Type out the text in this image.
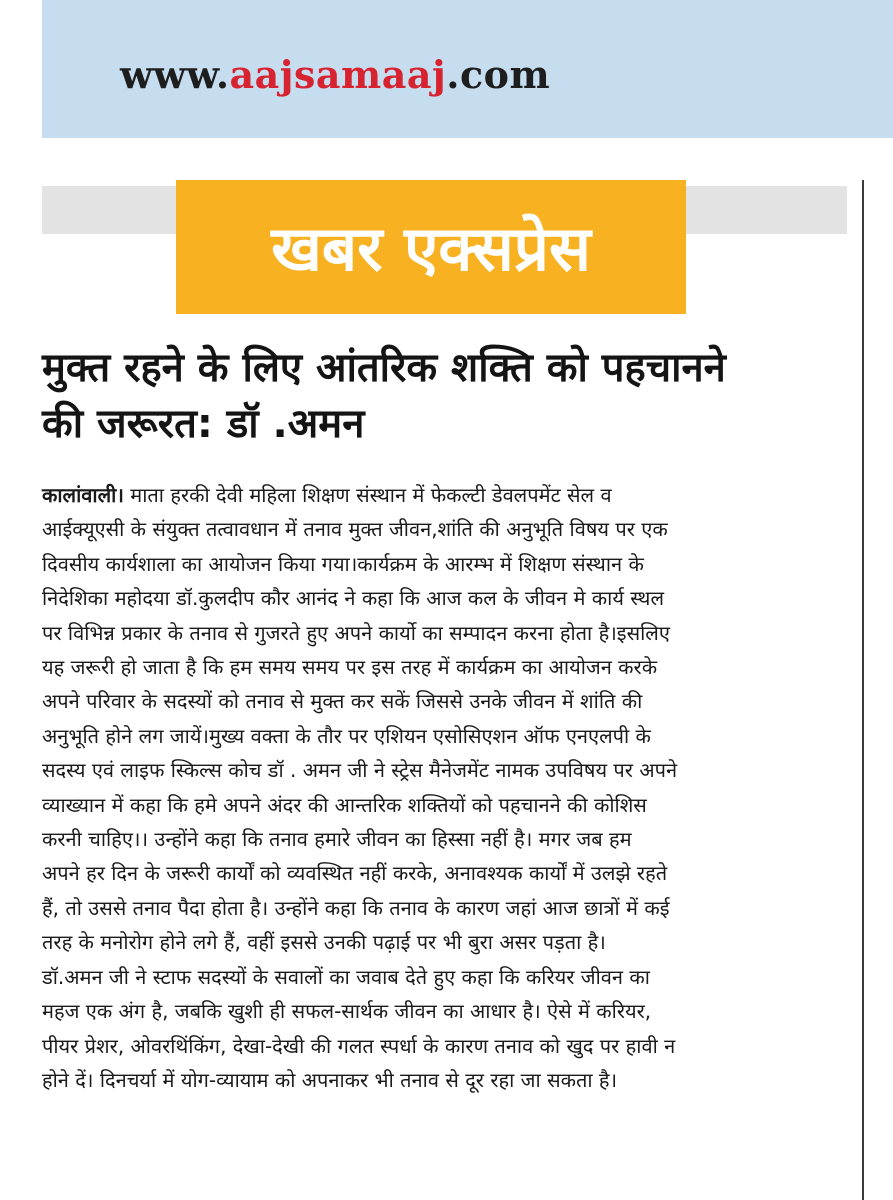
www.aajsamaaj.com
खबर एक्सप्रेस
मुक्त रहने के लिए आंतरिक शक्ति को पहचानने
की जरूरत: डॉ .अमन
कालांवाली। माता हरकी देवी महिला शिक्षण संस्थान में फेकल्टी डेवलपमेंट सेल व
आईक्यूएसी के संयुक्त तत्वावधान में तनाव मुक्त जीवन,शांति की अनुभूति विषय पर एक
दिवसीय कार्यशाला का आयोजन किया गया।कार्यक्रम के आरम्भ में शिक्षण संस्थान के
निदेशिका महोदया डॉ.कुलदीप कौर आनंद ने कहा कि आज कल के जीवन मे कार्य स्थल
पर विभिन्न प्रकार के तनाव से गुजरते हुए अपने कार्यो का सम्पादन करना होता है।इसलिए
यह जरूरी हो जाता है कि हम समय समय पर इस तरह में कार्यक्रम का आयोजन करके
अपने परिवार के सदस्यों को तनाव से मुक्त कर सकें जिससे उनके जीवन में शांति की
अनुभूति होने लग जायें।मुख्य वक्ता के तौर पर एशियन एसोसिएशन ऑफ एनएलपी के
सदस्य एवं लाइफ स्किल्स कोच डॉ . अमन जी ने स्ट्रेस मैनेजमेंट नामक उपविषय पर अपने
व्याख्यान में कहा कि हमे अपने अंदर की आन्तरिक शक्तियों को पहचानने की कोशिस
करनी चाहिए।। उन्होंने कहा कि तनाव हमारे जीवन का हिस्सा नहीं है। मगर जब हम
अपने हर दिन के जरूरी कार्यों को व्यवस्थित नहीं करके, अनावश्यक कार्यों में उलझे रहते
हैं, तो उससे तनाव पैदा होता है। उन्होंने कहा कि तनाव के कारण जहां आज छात्रों में कई
तरह के मनोरोग होने लगे हैं, वहीं इससे उनकी पढ़ाई पर भी बुरा असर पड़ता है।
डॉ.अमन जी ने स्टाफ सदस्यों के सवालों का जवाब देते हुए कहा कि करियर जीवन का
महज एक अंग है, जबकि खुशी ही सफल-सार्थक जीवन का आधार है। ऐसे में करियर,
पीयर प्रेशर, ओवरथिंकिंग, देखा-देखी की गलत स्पर्धा के कारण तनाव को खुद पर हावी न
होने दें। दिनचर्या में योग-व्यायाम को अपनाकर भी तनाव से दूर रहा जा सकता है।
